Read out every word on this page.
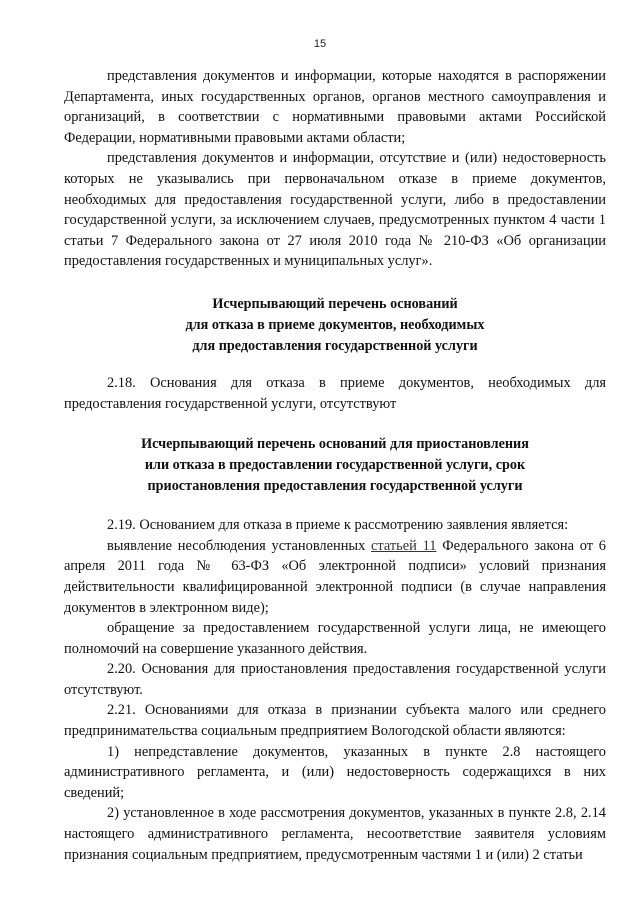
15

представления документов и информации, которые находятся в распоряжении Департамента, иных государственных органов, органов местного самоуправления и организаций, в соответствии с нормативными правовыми актами Российской Федерации, нормативными правовыми актами области;

представления документов и информации, отсутствие и (или) недостоверность которых не указывались при первоначальном отказе в приеме документов, необходимых для предоставления государственной услуги, либо в предоставлении государственной услуги, за исключением случаев, предусмотренных пунктом 4 части 1 статьи 7 Федерального закона от 27 июля 2010 года № 210-ФЗ «Об организации предоставления государственных и муниципальных услуг».

Исчерпывающий перечень оснований
для отказа в приеме документов, необходимых
для предоставления государственной услуги

2.18. Основания для отказа в приеме документов, необходимых для предоставления государственной услуги, отсутствуют

Исчерпывающий перечень оснований для приостановления
или отказа в предоставлении государственной услуги, срок
приостановления предоставления государственной услуги

2.19. Основанием для отказа в приеме к рассмотрению заявления является:

выявление несоблюдения установленных статьей 11 Федерального закона от 6 апреля 2011 года № 63-ФЗ «Об электронной подписи» условий признания действительности квалифицированной электронной подписи (в случае направления документов в электронном виде);

обращение за предоставлением государственной услуги лица, не имеющего полномочий на совершение указанного действия.

2.20. Основания для приостановления предоставления государственной услуги отсутствуют.

2.21. Основаниями для отказа в признании субъекта малого или среднего предпринимательства социальным предприятием Вологодской области являются:

1) непредставление документов, указанных в пункте 2.8 настоящего административного регламента, и (или) недостоверность содержащихся в них сведений;

2) установленное в ходе рассмотрения документов, указанных в пункте 2.8, 2.14 настоящего административного регламента, несоответствие заявителя условиям признания социальным предприятием, предусмотренным частями 1 и (или) 2 статьи
